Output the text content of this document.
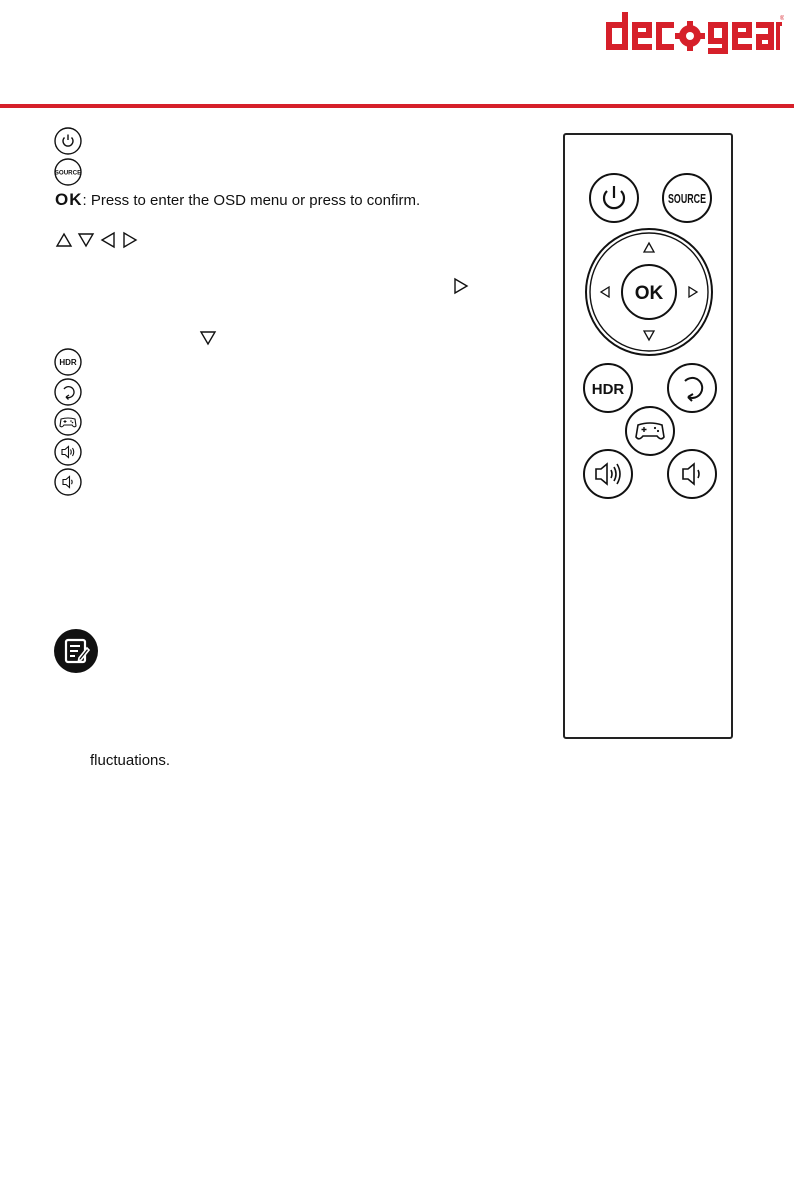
®
SOURCE
OK: Press to enter the OSD menu or press to confirm.
HDR
fluctuations.
SOURCE
OK
HDR
